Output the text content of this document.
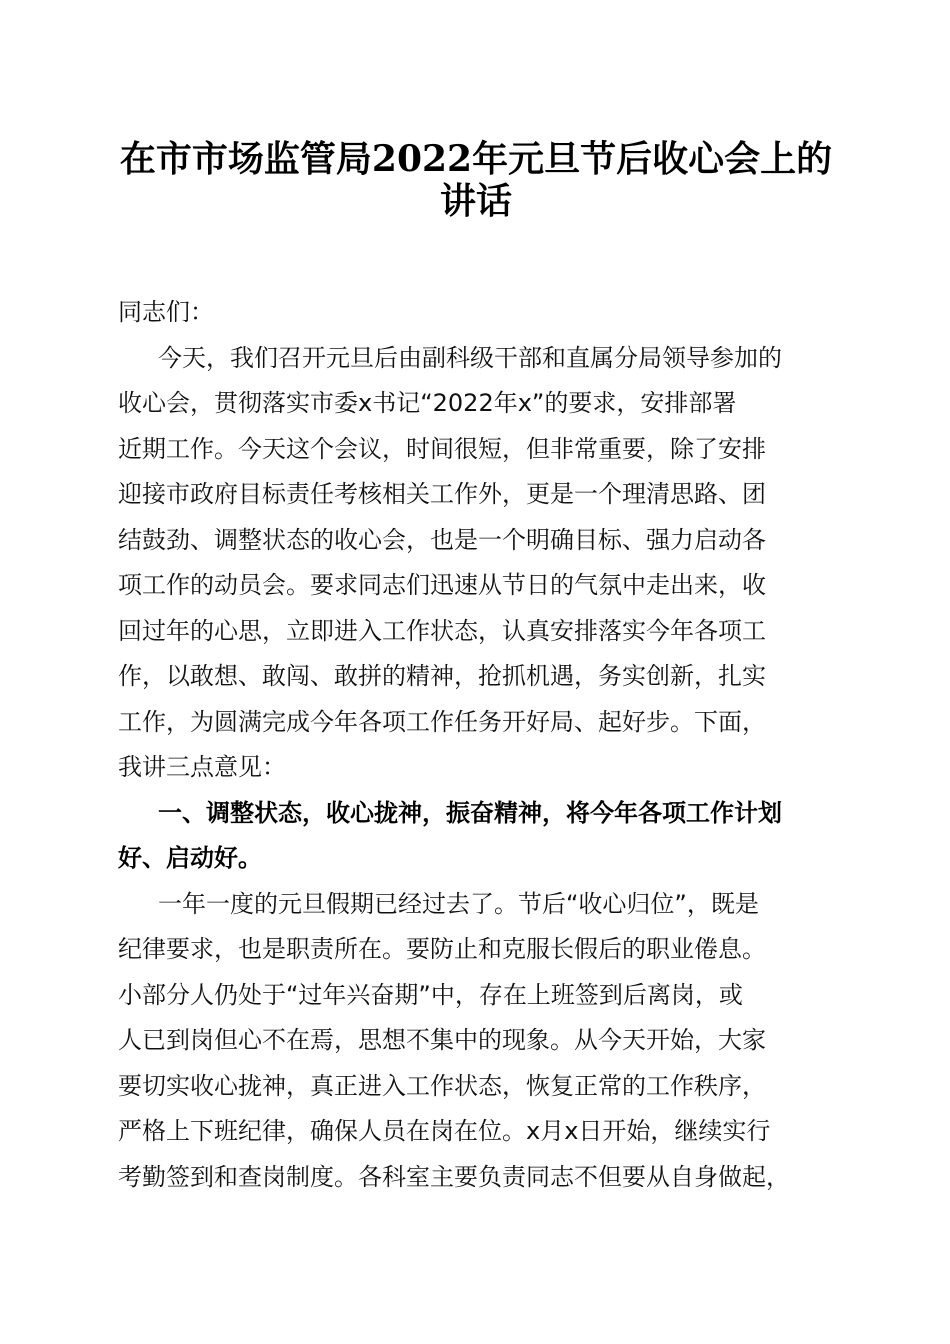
在市市场监管局2022年元旦节后收心会上的
讲话
同志们：
今天，我们召开元旦后由副科级干部和直属分局领导参加的
收心会，贯彻落实市委x书记“2022年x”的要求，安排部署
近期工作。今天这个会议，时间很短，但非常重要，除了安排
迎接市政府目标责任考核相关工作外，更是一个理清思路、团
结鼓劲、调整状态的收心会，也是一个明确目标、强力启动各
项工作的动员会。要求同志们迅速从节日的气氛中走出来，收
回过年的心思，立即进入工作状态，认真安排落实今年各项工
作，以敢想、敢闯、敢拼的精神，抢抓机遇，务实创新，扎实
工作，为圆满完成今年各项工作任务开好局、起好步。下面，
我讲三点意见：
一、调整状态，收心拢神，振奋精神，将今年各项工作计划
好、启动好。
一年一度的元旦假期已经过去了。节后“收心归位”，既是
纪律要求，也是职责所在。要防止和克服长假后的职业倦息。
小部分人仍处于“过年兴奋期”中，存在上班签到后离岗，或
人已到岗但心不在焉，思想不集中的现象。从今天开始，大家
要切实收心拢神，真正进入工作状态，恢复正常的工作秩序，
严格上下班纪律，确保人员在岗在位。x月x日开始，继续实行
考勤签到和查岗制度。各科室主要负责同志不但要从自身做起，
